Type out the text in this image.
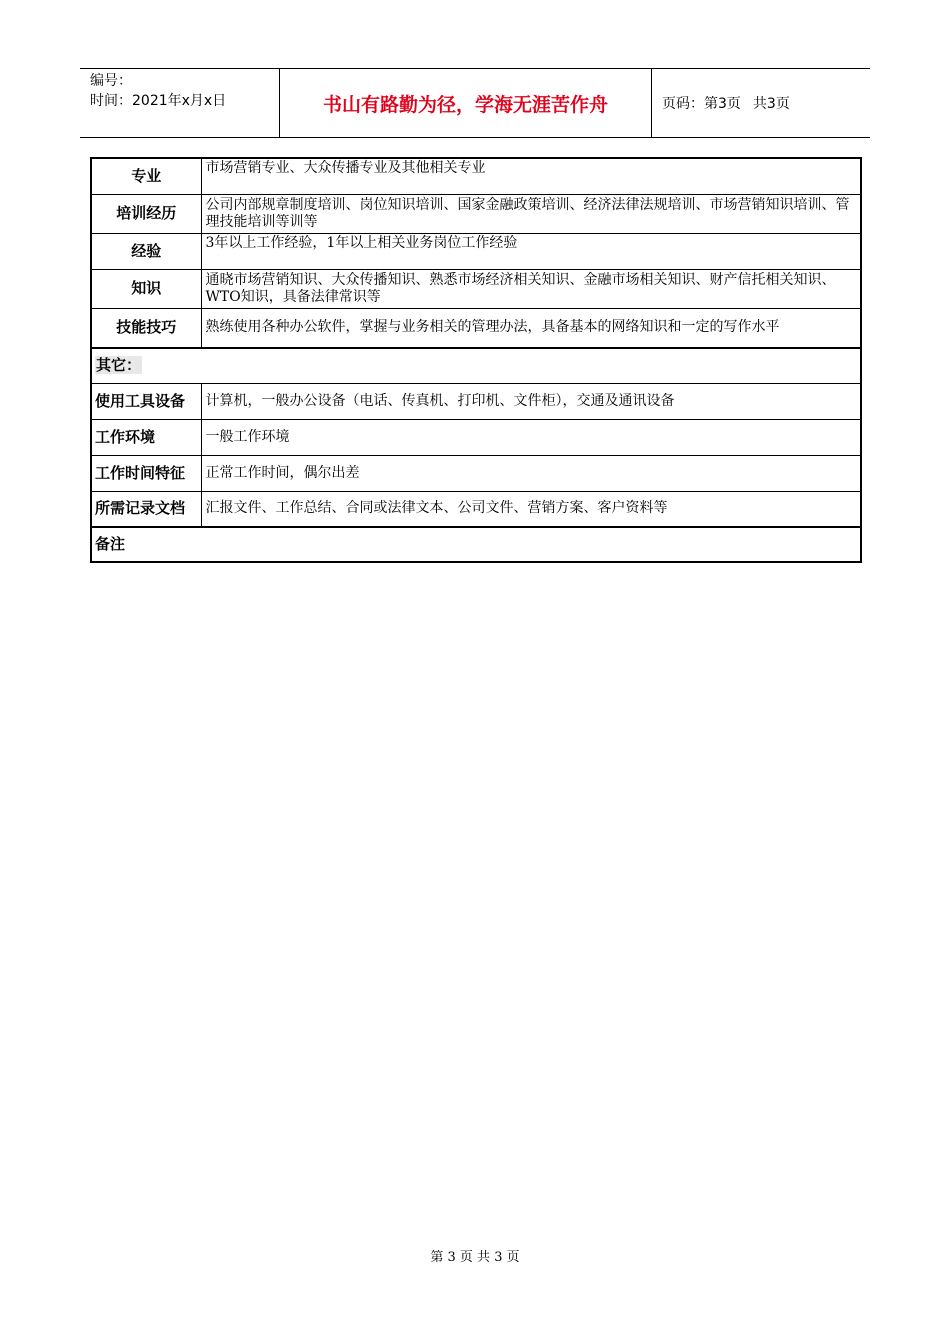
编号：
时间：2021年x月x日	书山有路勤为径，学海无涯苦作舟	页码：第3页 共3页
专业	市场营销专业、大众传播专业及其他相关专业
培训经历	公司内部规章制度培训、岗位知识培训、国家金融政策培训、经济法律法规培训、市场营销知识培训、管理技能培训等训等
经验	3年以上工作经验，1年以上相关业务岗位工作经验
知识	通晓市场营销知识、大众传播知识、熟悉市场经济相关知识、金融市场相关知识、财产信托相关知识、WTO知识，具备法律常识等
技能技巧	熟练使用各种办公软件，掌握与业务相关的管理办法，具备基本的网络知识和一定的写作水平
其它：	
使用工具设备	计算机，一般办公设备（电话、传真机、打印机、文件柜），交通及通讯设备
工作环境	一般工作环境
工作时间特征	正常工作时间，偶尔出差
所需记录文档	汇报文件、工作总结、合同或法律文本、公司文件、营销方案、客户资料等
备注	
第 3 页 共 3 页
